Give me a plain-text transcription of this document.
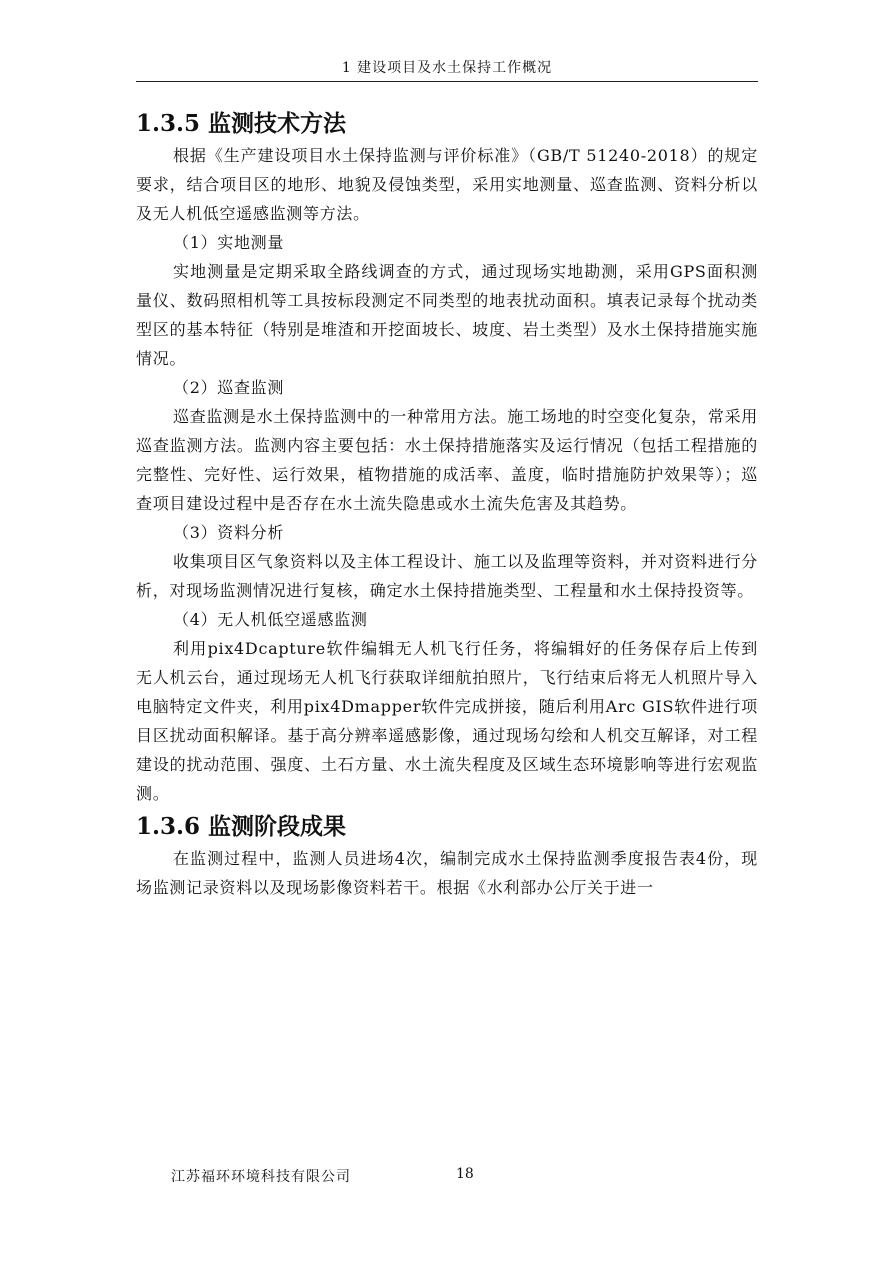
1 建设项目及水土保持工作概况
1.3.5 监测技术方法

根据《生产建设项目水土保持监测与评价标准》（GB/T 51240-2018）的规定要求，结合项目区的地形、地貌及侵蚀类型，采用实地测量、巡查监测、资料分析以及无人机低空遥感监测等方法。

（1）实地测量

实地测量是定期采取全路线调查的方式，通过现场实地勘测，采用GPS面积测量仪、数码照相机等工具按标段测定不同类型的地表扰动面积。填表记录每个扰动类型区的基本特征（特别是堆渣和开挖面坡长、坡度、岩土类型）及水土保持措施实施情况。

（2）巡查监测

巡查监测是水土保持监测中的一种常用方法。施工场地的时空变化复杂，常采用巡查监测方法。监测内容主要包括：水土保持措施落实及运行情况（包括工程措施的完整性、完好性、运行效果，植物措施的成活率、盖度，临时措施防护效果等）；巡查项目建设过程中是否存在水土流失隐患或水土流失危害及其趋势。

（3）资料分析

收集项目区气象资料以及主体工程设计、施工以及监理等资料，并对资料进行分析，对现场监测情况进行复核，确定水土保持措施类型、工程量和水土保持投资等。

（4）无人机低空遥感监测

利用pix4Dcapture软件编辑无人机飞行任务，将编辑好的任务保存后上传到无人机云台，通过现场无人机飞行获取详细航拍照片，飞行结束后将无人机照片导入电脑特定文件夹，利用pix4Dmapper软件完成拼接，随后利用Arc GIS软件进行项目区扰动面积解译。基于高分辨率遥感影像，通过现场勾绘和人机交互解译，对工程建设的扰动范围、强度、土石方量、水土流失程度及区域生态环境影响等进行宏观监测。

1.3.6 监测阶段成果

在监测过程中，监测人员进场4次，编制完成水土保持监测季度报告表4份，现场监测记录资料以及现场影像资料若干。根据《水利部办公厅关于进一

江苏福环环境科技有限公司	18
